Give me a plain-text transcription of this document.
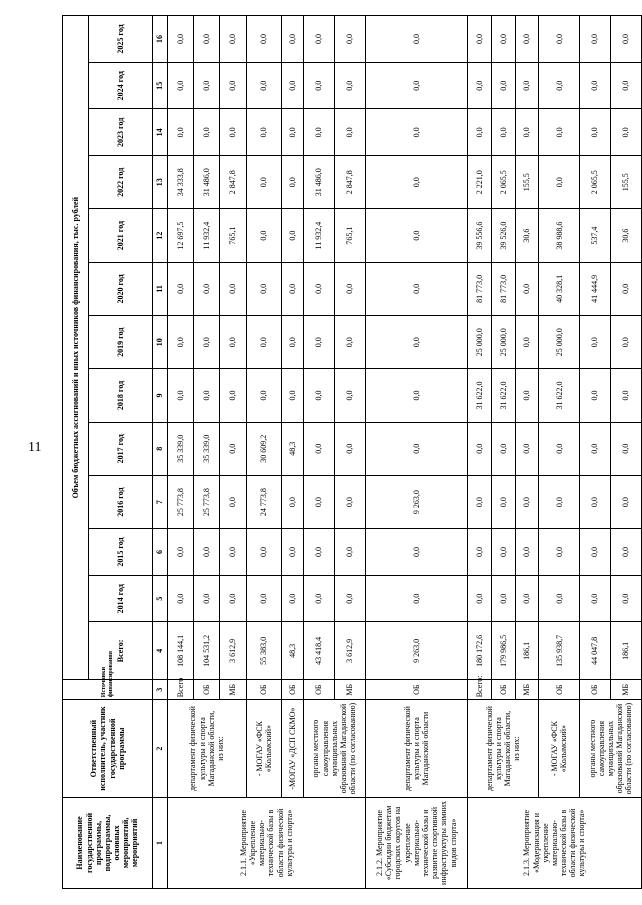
11
Наименование государственной программы, подпрограммы, основных мероприятий, мероприятий	Ответственный исполнитель, участник государственной программы	Источники финансирования	Объем бюджетных ассигнований и иных источников финансирования, тыс. рублей												
			Всего:	2014 год	2015 год	2016 год	2017 год	2018 год	2019 год	2020 год	2021 год	2022 год	2023 год	2024 год	2025 год
1	2	3	4	5	6	7	8	9	10	11	12	13	14	15	16
2.1.1. Мероприятие «Укрепление материально-технической базы в области физической культуры и спорта»	департамент физической культуры и спорта Магаданской области,
из них:	Всего	108 144,1	0,0	0,0	25 773,8	35 339,0	0,0	0,0	0,0	12 697,5	34 333,8	0,0	0,0	0,0
		ОБ	104 531,2	0,0	0,0	25 773,8	35 339,0	0,0	0,0	0,0	11 932,4	31 486,0	0,0	0,0	0,0
		МБ	3 612,9	0,0	0,0	0,0	0,0	0,0	0,0	0,0	765,1	2 847,8	0,0	0,0	0,0
	- МОГАУ «ФСК «Колымский»	ОБ	55 383,0	0,0	0,0	24 773,8	30 609,2	0,0	0,0	0,0	0,0	0,0	0,0	0,0	0,0
	-МОГАУ «ДСП СКМО»	ОБ	48,3	0,0	0,0	0,0	48,3	0,0	0,0	0,0	0,0	0,0	0,0	0,0	0,0
	органы местного самоуправления муниципальных образований Магаданской области (по согласованию)	ОБ	43 418,4	0,0	0,0	0,0	0,0	0,0	0,0	0,0	11 932,4	31 486,0	0,0	0,0	0,0
		МБ	3 612,9	0,0	0,0	0,0	0,0	0,0	0,0	0,0	765,1	2 847,8	0,0	0,0	0,0
2.1.2. Мероприятие «Субсидии бюджетам городских округов на укрепление материально-технической базы и развитие спортивной инфраструктуры зимних видов спорта»	департамент физической культуры и спорта Магаданской области	ОБ	9 263,0	0,0	0,0	9 263,0	0,0	0,0	0,0	0,0	0,0	0,0	0,0	0,0	0,0
2.1.3. Мероприятие «Модернизация и укрепление материально-технической базы в области физической культуры и спорта»	департамент физической культуры и спорта Магаданской области,
из них:	Всего:	180 172,6	0,0	0,0	0,0	0,0	31 622,0	25 000,0	81 773,0	39 556,6	2 221,0	0,0	0,0	0,0
		ОБ	179 986,5	0,0	0,0	0,0	0,0	31 622,0	25 000,0	81 773,0	39 526,0	2 065,5	0,0	0,0	0,0
		МБ	186,1	0,0	0,0	0,0	0,0	0,0	0,0	0,0	30,6	155,5	0,0	0,0	0,0
	- МОГАУ «ФСК «Колымский»	ОБ	135 938,7	0,0	0,0	0,0	0,0	31 622,0	25 000,0	40 328,1	38 988,6	0,0	0,0	0,0	0,0
	органы местного самоуправления муниципальных образований Магаданской области (по согласованию)	ОБ	44 047,8	0,0	0,0	0,0	0,0	0,0	0,0	41 444,9	537,4	2 065,5	0,0	0,0	0,0
		МБ	186,1	0,0	0,0	0,0	0,0	0,0	0,0	0,0	30,6	155,5	0,0	0,0	0,0
